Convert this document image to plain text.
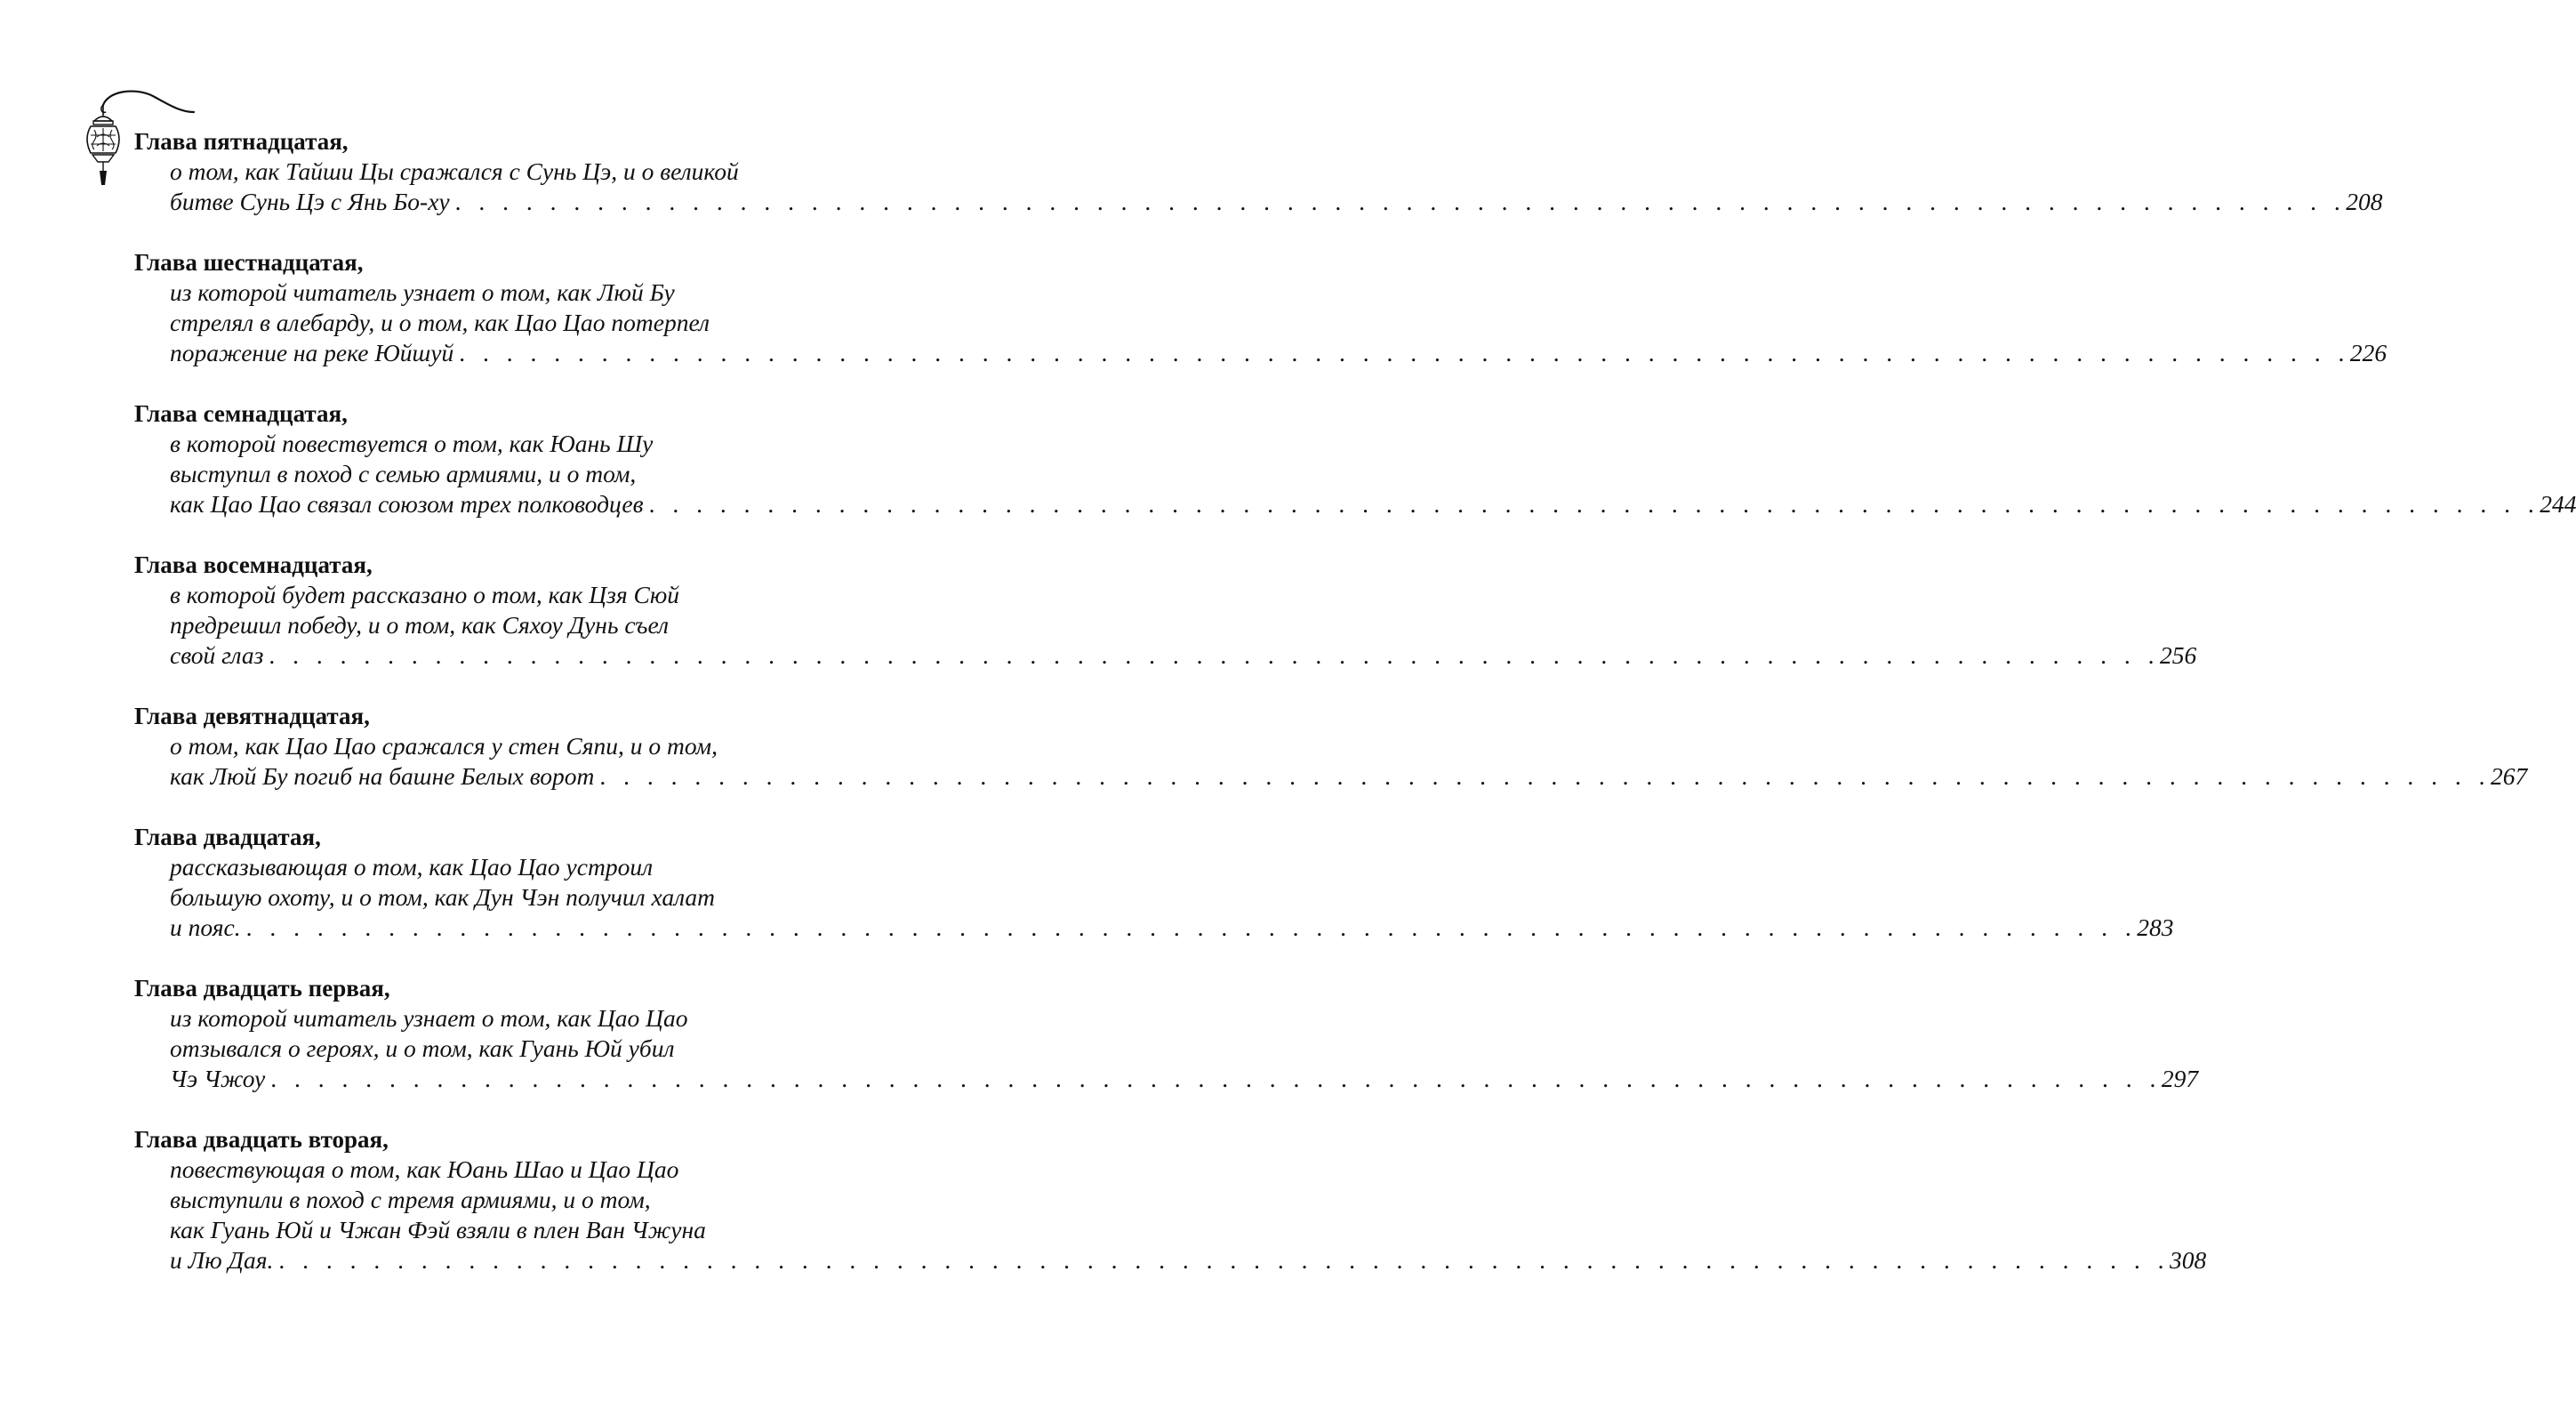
Глава пятнадцатая,
о том, как Тайши Цы сражался с Сунь Цэ, и о великой
битве Сунь Цэ с Янь Бо-ху . . . . . . . . . . . . . . . . . . . . . . . . . . . . . . . . . . . . . . . . . . . . . . . . . . . . . . . . . . . . . . . . . . . . . . . . . . . . . . . . 208
Глава шестнадцатая,
из которой читатель узнает о том, как Люй Бу
стрелял в алебарду, и о том, как Цао Цао потерпел
поражение на реке Юйшуй . . . . . . . . . . . . . . . . . . . . . . . . . . . . . . . . . . . . . . . . . . . . . . . . . . . . . . . . . . . . . . . . . . . . . . . . . . . . . . . . 226
Глава семнадцатая,
в которой повествуется о том, как Юань Шу
выступил в поход с семью армиями, и о том,
как Цао Цао связал союзом трех полководцев . . . . . . . . . . . . . . . . . . . . . . . . . . . . . . . . . . . . . . . . . . . . . . . . . . . . . . . . . . . . . . . . . . . . . . . . . . . . . . . . 244
Глава восемнадцатая,
в которой будет рассказано о том, как Цзя Сюй
предрешил победу, и о том, как Сяхоу Дунь съел
свой глаз . . . . . . . . . . . . . . . . . . . . . . . . . . . . . . . . . . . . . . . . . . . . . . . . . . . . . . . . . . . . . . . . . . . . . . . . . . . . . . . . 256
Глава девятнадцатая,
о том, как Цао Цао сражался у стен Сяпи, и о том,
как Люй Бу погиб на башне Белых ворот . . . . . . . . . . . . . . . . . . . . . . . . . . . . . . . . . . . . . . . . . . . . . . . . . . . . . . . . . . . . . . . . . . . . . . . . . . . . . . . . 267
Глава двадцатая,
рассказывающая о том, как Цао Цао устроил
большую охоту, и о том, как Дун Чэн получил халат
и пояс. . . . . . . . . . . . . . . . . . . . . . . . . . . . . . . . . . . . . . . . . . . . . . . . . . . . . . . . . . . . . . . . . . . . . . . . . . . . . . . . . 283
Глава двадцать первая,
из которой читатель узнает о том, как Цао Цао
отзывался о героях, и о том, как Гуань Юй убил
Чэ Чжоу . . . . . . . . . . . . . . . . . . . . . . . . . . . . . . . . . . . . . . . . . . . . . . . . . . . . . . . . . . . . . . . . . . . . . . . . . . . . . . . . 297
Глава двадцать вторая,
повествующая о том, как Юань Шао и Цао Цао
выступили в поход с тремя армиями, и о том,
как Гуань Юй и Чжан Фэй взяли в плен Ван Чжуна
и Лю Дая. . . . . . . . . . . . . . . . . . . . . . . . . . . . . . . . . . . . . . . . . . . . . . . . . . . . . . . . . . . . . . . . . . . . . . . . . . . . . . . . . 308
